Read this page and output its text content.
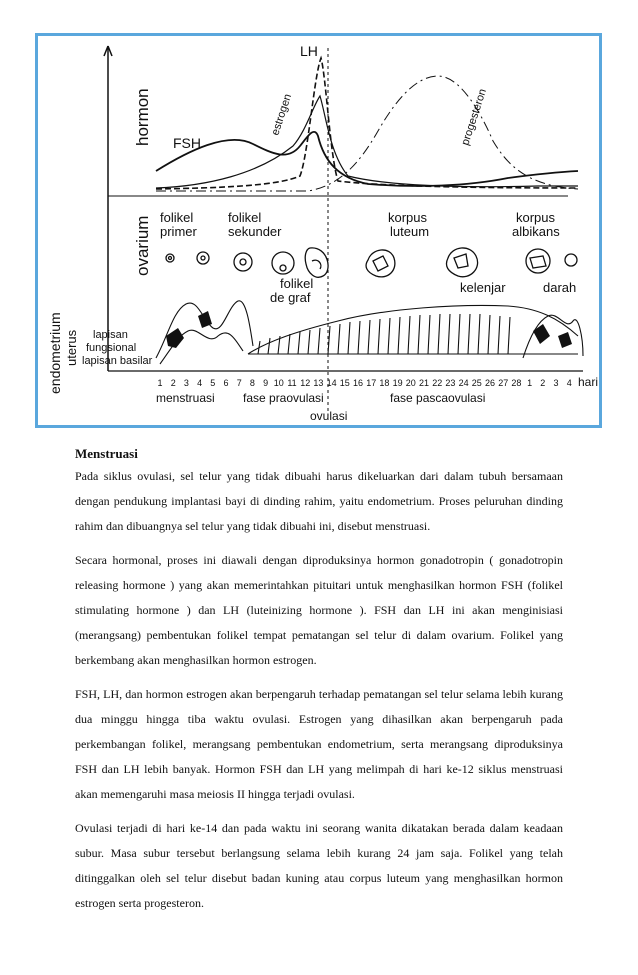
hormon
ovarium
endometrium uterus
FSH
LH
estrogen	progesteron
folikel
primer
folikel
sekunder
folikel
de graf
korpus
luteum
korpus
albikans
kelenjar	darah
lapisan
fungsional
lapisan basilar
1 2 3 4 5 6 7 8 9 10 11 12 13 14 15 16 17 18 19 20 21 22 23 24 25 26 27 28 1 2 3 4 hari
menstruasi fase praovulasi	fase pascaovulasi
ovulasi

Menstruasi

Pada siklus ovulasi, sel telur yang tidak dibuahi harus dikeluarkan dari dalam tubuh bersamaan dengan pendukung implantasi bayi di dinding rahim, yaitu endometrium. Proses peluruhan dinding rahim dan dibuangnya sel telur yang tidak dibuahi ini, disebut menstruasi.

Secara hormonal, proses ini diawali dengan diproduksinya hormon gonadotropin ( gonadotropin releasing hormone ) yang akan memerintahkan pituitari untuk menghasilkan hormon FSH (folikel stimulating hormone ) dan LH (luteinizing hormone ). FSH dan LH ini akan menginisiasi (merangsang) pembentukan folikel tempat pematangan sel telur di dalam ovarium. Folikel yang berkembang akan menghasilkan hormon estrogen.

FSH, LH, dan hormon estrogen akan berpengaruh terhadap pematangan sel telur selama lebih kurang dua minggu hingga tiba waktu ovulasi. Estrogen yang dihasilkan akan berpengaruh pada perkembangan folikel, merangsang pembentukan endometrium, serta merangsang diproduksinya FSH dan LH lebih banyak. Hormon FSH dan LH yang melimpah di hari ke-12 siklus menstruasi akan memengaruhi masa meiosis II hingga terjadi ovulasi.

Ovulasi terjadi di hari ke-14 dan pada waktu ini seorang wanita dikatakan berada dalam keadaan subur. Masa subur tersebut berlangsung selama lebih kurang 24 jam saja. Folikel yang telah ditinggalkan oleh sel telur disebut badan kuning atau corpus luteum yang menghasilkan hormon estrogen serta progesteron.
